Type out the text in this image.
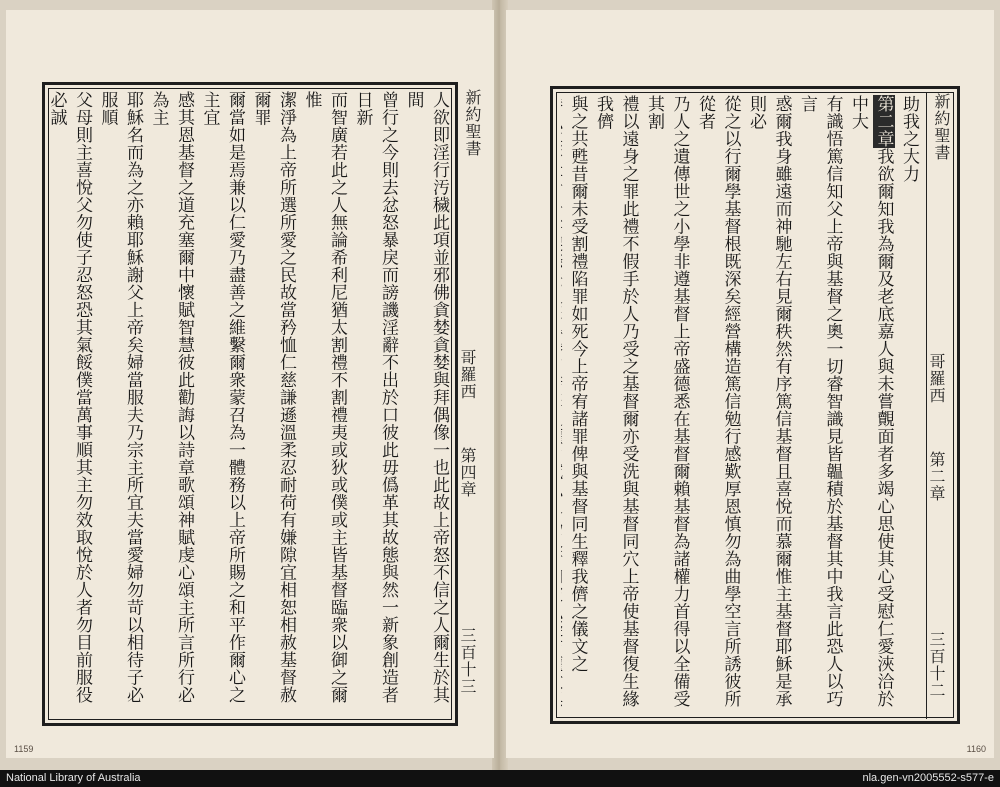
人欲即淫行汚穢此項並邪佛貪婪貪婪與拜偶像一也此故上帝怒不信之人爾生於其間

曾行之今則去忿怒暴戾而謗譏淫辭不出於口彼此毋僞革其故態與然一新象創造者日新

而智廣若此之人無論希利尼猶太割禮不割禮夷或狄或僕或主皆基督臨衆以御之爾惟

潔淨為上帝所選所愛之民故當矜恤仁慈謙遜溫柔忍耐荷有嫌隙宜相恕相赦基督赦爾罪

爾當如是焉兼以仁愛乃盡善之維繫爾衆蒙召為一體務以上帝所賜之和平作爾心之主宜

感其恩基督之道充塞爾中懷賦智慧彼此勸誨以詩章歌頌神賦虔心頌主所言所行必為主

耶穌名而為之亦賴耶穌謝父上帝矣婦當服夫乃宗主所宜夫當愛婦勿苛以相待子必服順

父母則主喜悅父勿使子忍怒恐其氣餒僕當萬事順其主勿效取悅於人者勿目前服役必誠	新約聖書
哥羅西
第四章
三百十三
1159
新約聖書
哥羅西
第二章
三百十二

助我之大力

第二章我欲爾知我為爾及老底嘉人與未嘗覿面者多竭心思使其心受慰仁愛浹洽於中大

有識悟篤信知父上帝與基督之奧一切睿智識見皆韞積於基督其中我言此恐人以巧言

惑爾我身雖遠而神馳左右見爾秩然有序篤信基督且喜悅而慕爾惟主基督耶穌是承則必

從之以行爾學基督根既深矣經營構造篤信勉行感歎厚恩慎勿為曲學空言所誘彼所從者

乃人之遺傳世之小學非遵基督上帝盛德悉在基督爾賴基督為諸權力首得以全備受其割

禮以遠身之罪此禮不假手於人乃受之基督爾亦受洗與基督同穴上帝使基督復生緣我儕

與之共甦昔爾未受割禮陷罪如死今上帝宥諸罪俾與基督同生釋我儕之儀文之

1160
National Library of Australia	nla.gen-vn2005552-s577-e
